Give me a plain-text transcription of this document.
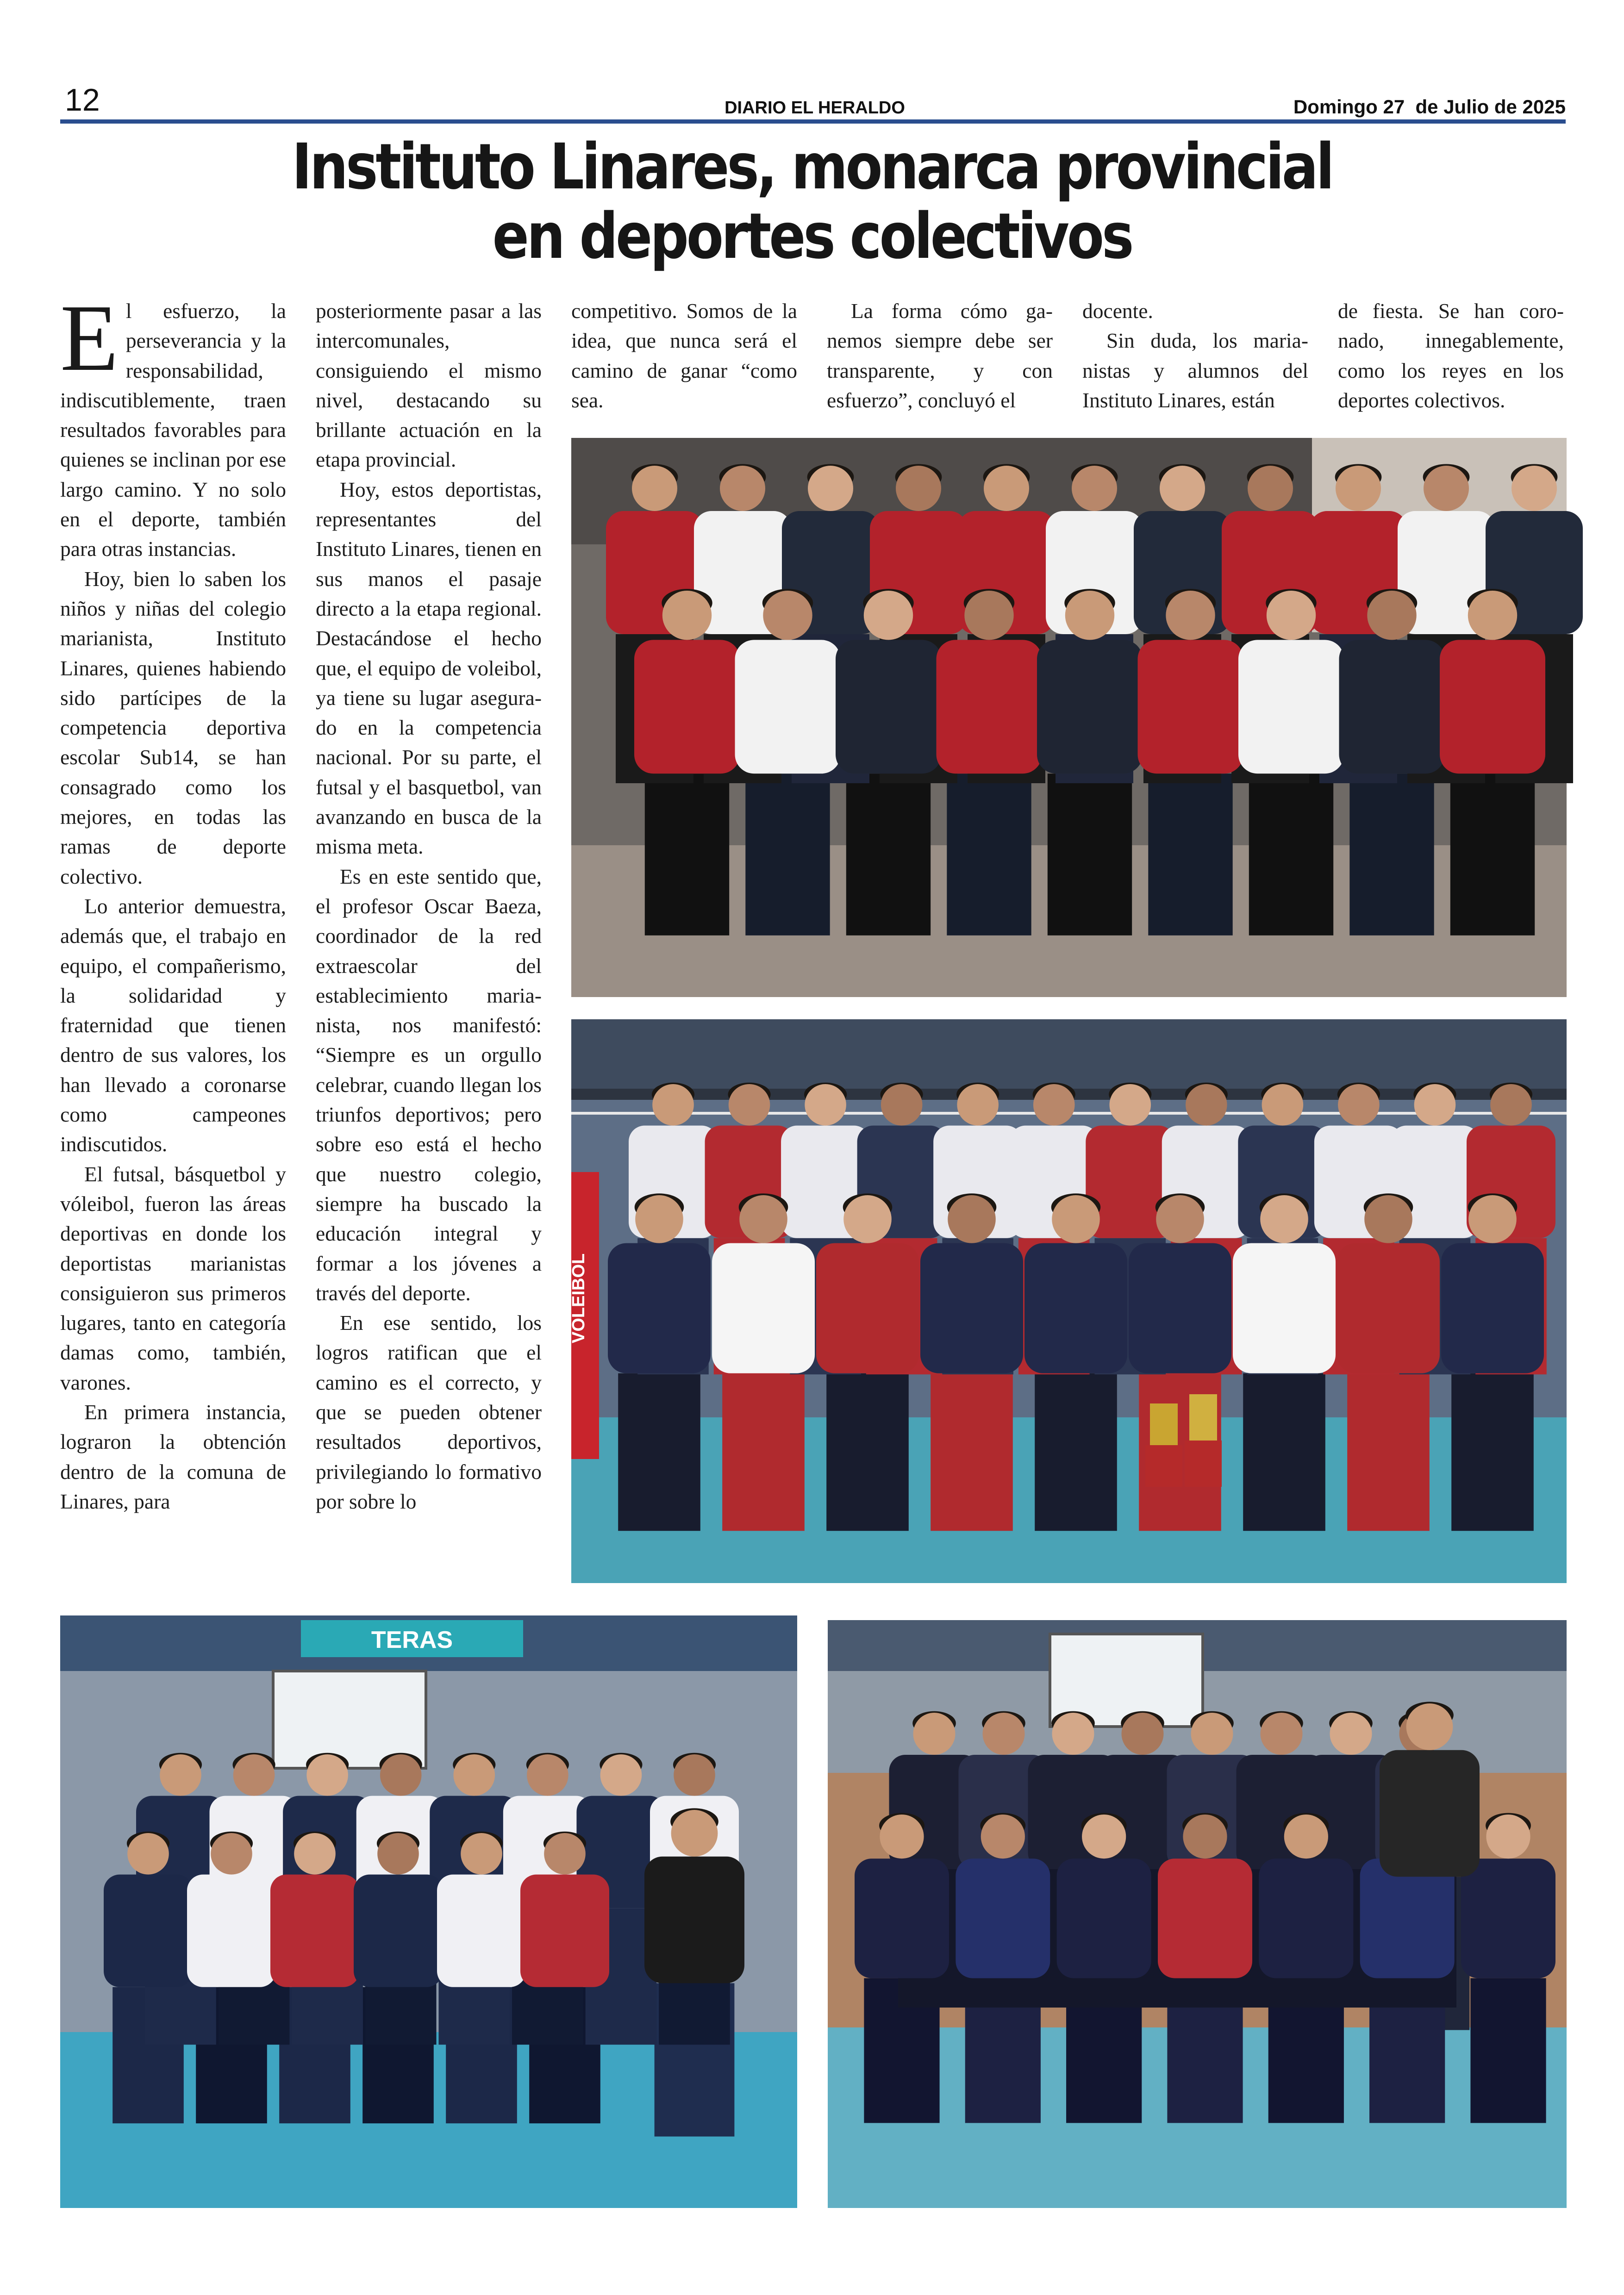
12	DIARIO EL HERALDO	Domingo 27  de Julio de 2025
Instituto Linares, monarca provincial
en deportes colectivos

El esfuerzo, la perseverancia y la responsabilidad, indiscutiblemente, traen resultados favorables para quienes se inclinan por ese largo camino. Y no solo en el deporte, también para otras instancias.

Hoy, bien lo saben los niños y niñas del colegio marianista, Instituto Linares, quienes habiendo sido partícipes de la competencia deportiva escolar Sub14, se han consagrado como los mejores, en todas las ramas de deporte colectivo.

Lo anterior demuestra, además que, el trabajo en equipo, el compañerismo, la solidaridad y fraternidad que tienen dentro de sus valores, los han llevado a coronarse como campeones indiscutidos.

El futsal, básquetbol y vóleibol, fueron las áreas deportivas en donde los deportistas marianistas consiguieron sus primeros lugares, tanto en categoría damas como, también, varones.

En primera instancia, lograron la obtención dentro de la comuna de Linares, para

posteriormente pasar a las intercomunales, consiguiendo el mismo nivel, destacando su brillante actuación en la etapa provincial.

Hoy, estos deportistas, representantes del Instituto Linares, tienen en sus manos el pasaje directo a la etapa regional. Destacándose el hecho que, el equipo de voleibol, ya tiene su lugar asegurado en la competencia nacional. Por su parte, el futsal y el basquetbol, van avanzando en busca de la misma meta.

Es en este sentido que, el profesor Oscar Baeza, coordinador de la red extraescolar del establecimiento marianista, nos manifestó: “Siempre es un orgullo celebrar, cuando llegan los triunfos deportivos; pero sobre eso está el hecho que nuestro colegio, siempre ha buscado la educación integral y formar a los jóvenes a través del deporte.

En ese sentido, los logros ratifican que el camino es el correcto, y que se pueden obtener resultados deportivos, privilegiando lo formativo por sobre lo

competitivo. Somos de la idea, que nunca será el camino de ganar “como sea.

La forma cómo ganemos siempre debe ser transparente, y con esfuerzo”, concluyó el

docente.

Sin duda, los marianistas y alumnos del Instituto Linares, están

de fiesta. Se han coronado, innegablemente, como los reyes en los deportes colectivos.

VOLEIBOL
TERAS
